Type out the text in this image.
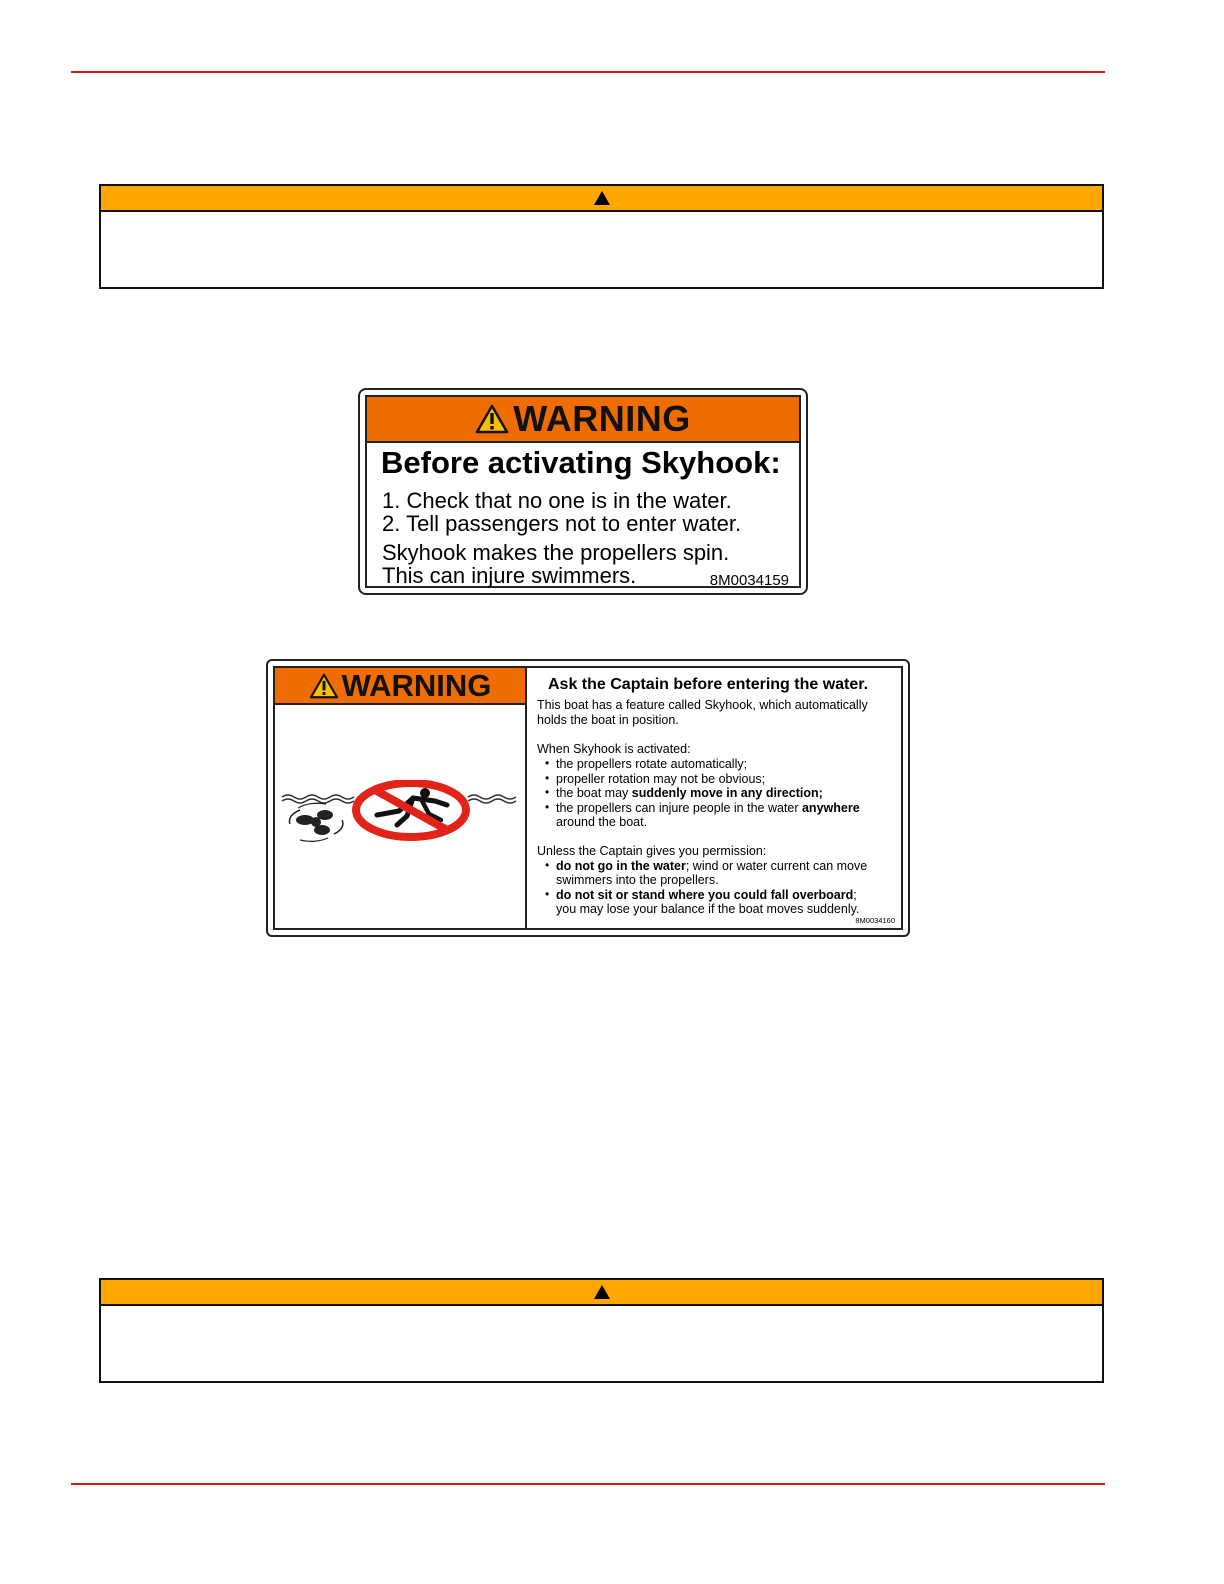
WARNING
Before activating Skyhook:
1. Check that no one is in the water.
2. Tell passengers not to enter water.
Skyhook makes the propellers spin.
This can injure swimmers.	8M0034159
WARNING	Ask the Captain before entering the water.
This boat has a feature called Skyhook, which automatically
holds the boat in position.
When Skyhook is activated:
• the propellers rotate automatically;
• propeller rotation may not be obvious;
• the boat may suddenly move in any direction;
• the propellers can injure people in the water anywhere
around the boat.
Unless the Captain gives you permission:
• do not go in the water; wind or water current can move
swimmers into the propellers.
• do not sit or stand where you could fall overboard;
you may lose your balance if the boat moves suddenly.
8M0034160
